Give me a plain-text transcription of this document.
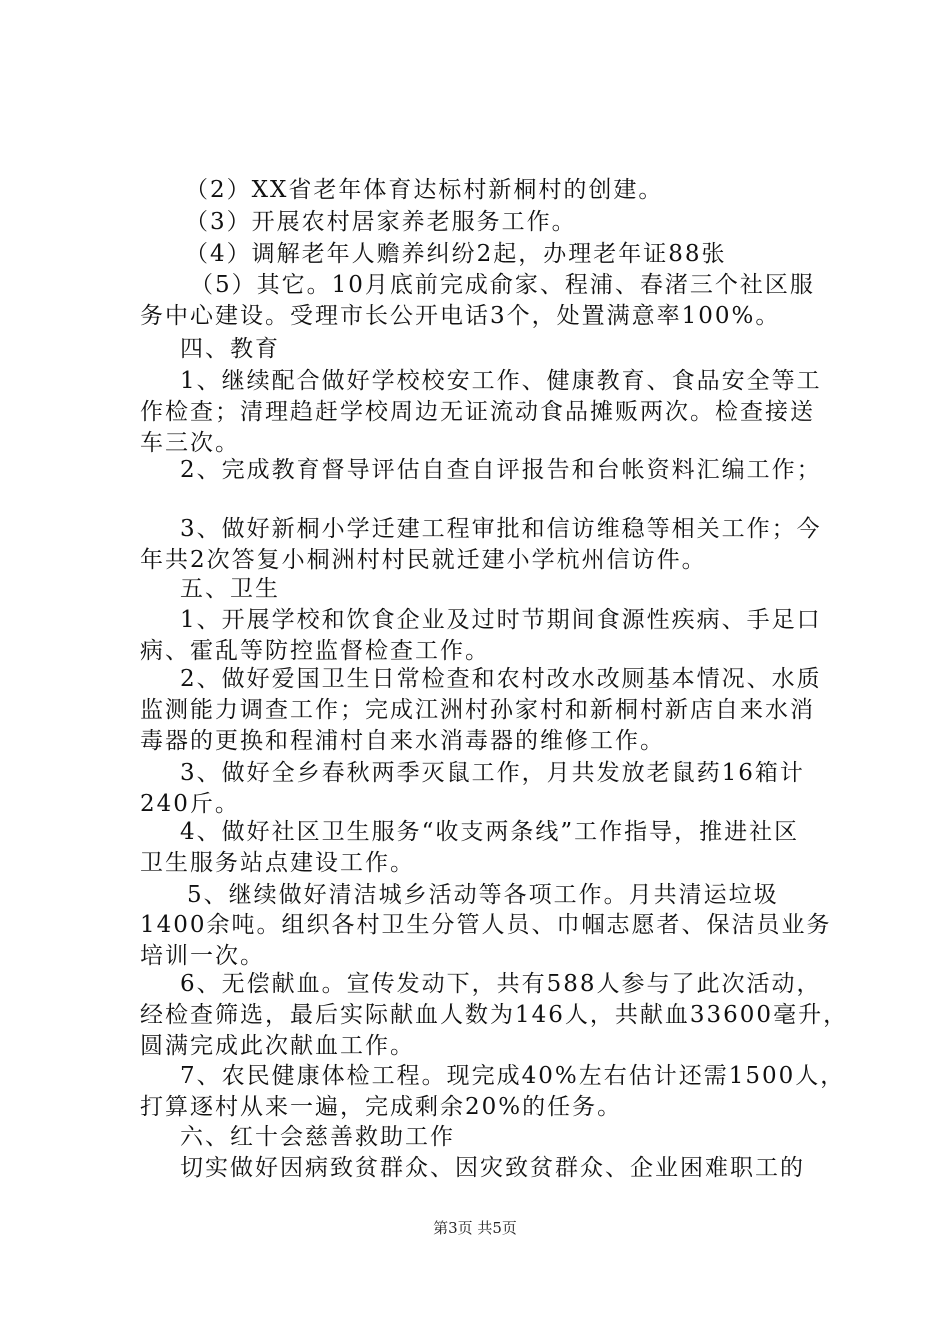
（2）XX省老年体育达标村新桐村的创建。
（3）开展农村居家养老服务工作。
（4）调解老年人赡养纠纷2起，办理老年证88张
（5）其它。10月底前完成俞家、程浦、春渚三个社区服
务中心建设。受理市长公开电话3个，处置满意率100%。
四、教育
1、继续配合做好学校校安工作、健康教育、食品安全等工
作检查；清理趋赶学校周边无证流动食品摊贩两次。检查接送
车三次。
2、完成教育督导评估自查自评报告和台帐资料汇编工作；
3、做好新桐小学迁建工程审批和信访维稳等相关工作；今
年共2次答复小桐洲村村民就迁建小学杭州信访件。
五、卫生
1、开展学校和饮食企业及过时节期间食源性疾病、手足口
病、霍乱等防控监督检查工作。
2、做好爱国卫生日常检查和农村改水改厕基本情况、水质
监测能力调查工作；完成江洲村孙家村和新桐村新店自来水消
毒器的更换和程浦村自来水消毒器的维修工作。
3、做好全乡春秋两季灭鼠工作，月共发放老鼠药16箱计
240斤。
4、做好社区卫生服务“收支两条线”工作指导，推进社区
卫生服务站点建设工作。
5、继续做好清洁城乡活动等各项工作。月共清运垃圾
1400余吨。组织各村卫生分管人员、巾帼志愿者、保洁员业务
培训一次。
6、无偿献血。宣传发动下，共有588人参与了此次活动，
经检查筛选，最后实际献血人数为146人，共献血33600毫升，
圆满完成此次献血工作。
7、农民健康体检工程。现完成40%左右估计还需1500人，
打算逐村从来一遍，完成剩余20%的任务。
六、红十会慈善救助工作
切实做好因病致贫群众、因灾致贫群众、企业困难职工的
第3页 共5页
